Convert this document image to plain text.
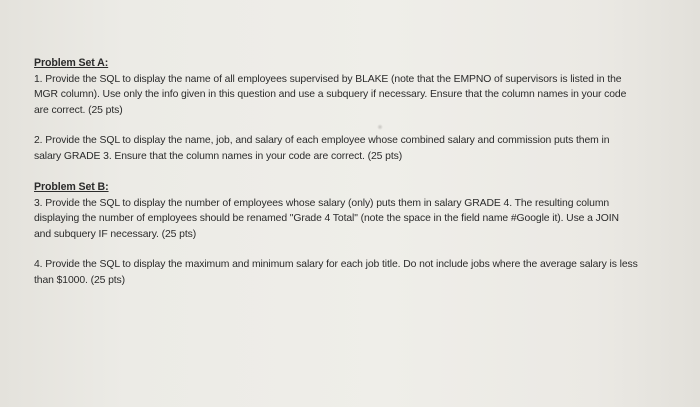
Problem Set A:

1. Provide the SQL to display the name of all employees supervised by BLAKE (note that the EMPNO of supervisors is listed in the MGR column). Use only the info given in this question and use a subquery if necessary. Ensure that the column names in your code are correct. (25 pts)

2. Provide the SQL to display the name, job, and salary of each employee whose combined salary and commission puts them in salary GRADE 3. Ensure that the column names in your code are correct. (25 pts)

Problem Set B:

3. Provide the SQL to display the number of employees whose salary (only) puts them in salary GRADE 4. The resulting column displaying the number of employees should be renamed "Grade 4 Total" (note the space in the field name #Google it). Use a JOIN and subquery IF necessary. (25 pts)

4. Provide the SQL to display the maximum and minimum salary for each job title. Do not include jobs where the average salary is less than $1000. (25 pts)
